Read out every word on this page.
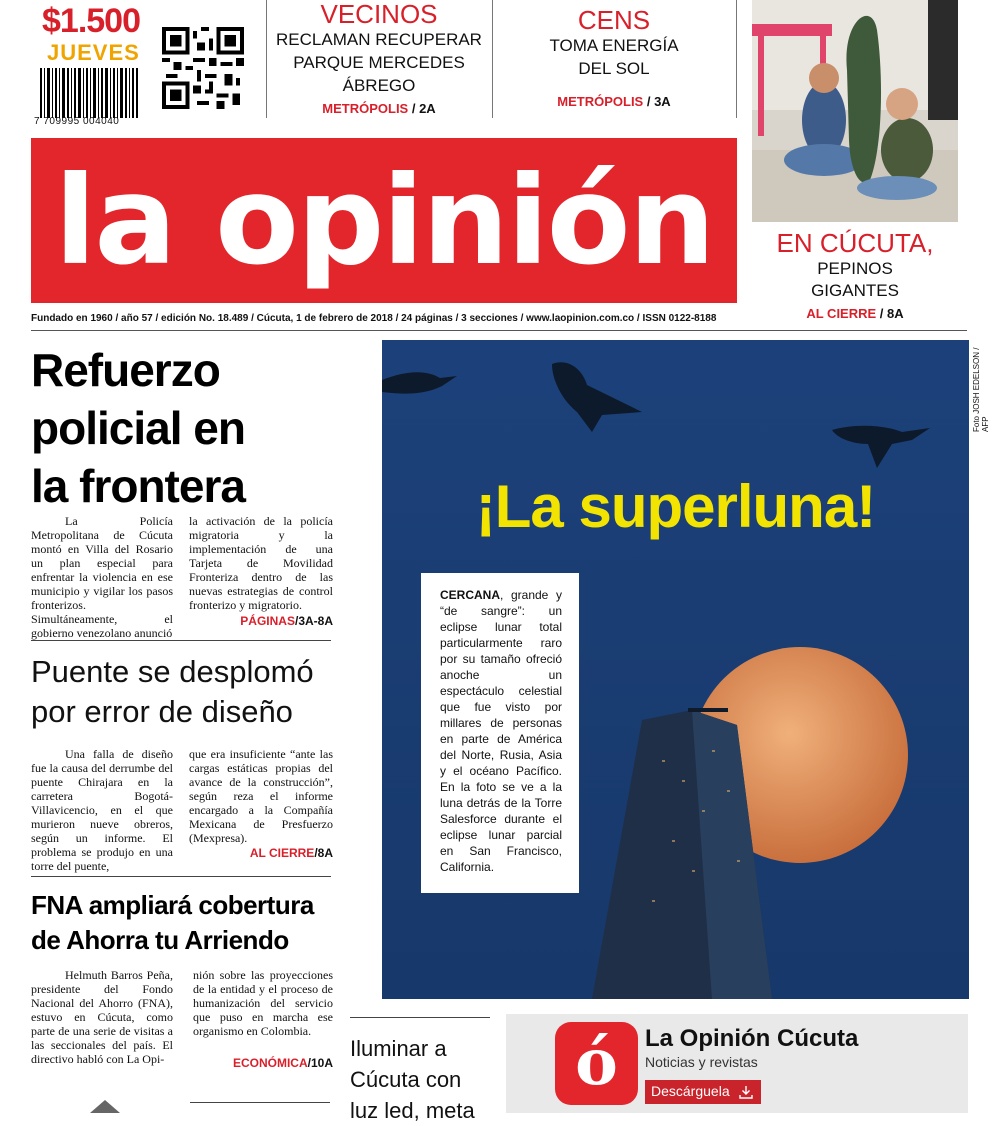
$1.500
JUEVES
7 709995 004040
VECINOS
RECLAMAN RECUPERAR
PARQUE MERCEDES
ÁBREGO
METRÓPOLIS / 2A
CENS
TOMA ENERGÍA
DEL SOL
METRÓPOLIS / 3A
EN CÚCUTA,
PEPINOS
GIGANTES
AL CIERRE / 8A
la opinión
Fundado en 1960 / año 57 / edición No. 18.489 / Cúcuta, 1 de febrero de 2018 / 24 páginas / 3 secciones / www.laopinion.com.co / ISSN 0122-8188
Refuerzo
policial en
la frontera
La Policía Metropolitana de Cúcuta montó en Villa del Rosario un plan especial para enfrentar la violencia en ese municipio y vigilar los pasos fronterizos. Simultáneamente, el gobierno venezolano anunció
la activación de la policía migratoria y la implementación de una Tarjeta de Movilidad Fronteriza dentro de las nuevas estrategias de control fronterizo y migratorio.
PÁGINAS/3A-8A
Puente se desplomó
por error de diseño
Una falla de diseño fue la causa del derrumbe del puente Chirajara en la carretera Bogotá-Villavicencio, en el que murieron nueve obreros, según un informe. El problema se produjo en una torre del puente,
que era insuficiente “ante las cargas estáticas propias del avance de la construcción”, según reza el informe encargado a la Compañía Mexicana de Presfuerzo (Mexpresa).
AL CIERRE/8A
FNA ampliará cobertura
de Ahorra tu Arriendo
Helmuth Barros Peña, presidente del Fondo Nacional del Ahorro (FNA), estuvo en Cúcuta, como parte de una serie de visitas a las seccionales del país. El directivo habló con La Opi-
nión sobre las proyecciones de la entidad y el proceso de humanización del servicio que puso en marcha ese organismo en Colombia.
ECONÓMICA/10A
Foto JOSH EDELSON / AFP
¡La superluna!
CERCANA, grande y “de sangre”: un eclipse lunar total particularmente raro por su tamaño ofreció anoche un espectáculo celestial que fue visto por millares de personas en parte de América del Norte, Rusia, Asia y el océano Pacífico. En la foto se ve a la luna detrás de la Torre Salesforce durante el eclipse lunar parcial en San Francisco, California.
Iluminar a
Cúcuta con
luz led, meta
ó	La Opinión Cúcuta
Noticias y revistas
Descárguela
